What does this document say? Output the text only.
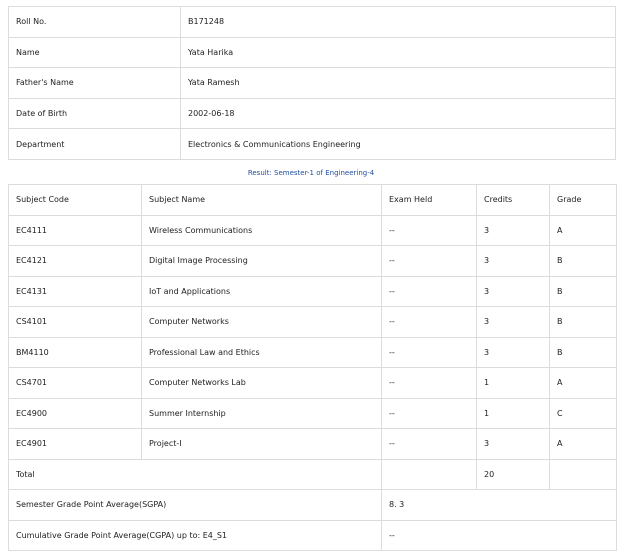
Roll No.	B171248
Name	Yata Harika
Father's Name	Yata Ramesh
Date of Birth	2002-06-18
Department	Electronics & Communications Engineering
Result: Semester-1 of Engineering-4
Subject Code	Subject Name	Exam Held	Credits	Grade
EC4111	Wireless Communications	--	3	A
EC4121	Digital Image Processing	--	3	B
EC4131	IoT and Applications	--	3	B
CS4101	Computer Networks	--	3	B
BM4110	Professional Law and Ethics	--	3	B
CS4701	Computer Networks Lab	--	1	A
EC4900	Summer Internship	--	1	C
EC4901	Project-I	--	3	A
Total			20	
Semester Grade Point Average(SGPA)		8. 3		
Cumulative Grade Point Average(CGPA) up to: E4_S1		--		
